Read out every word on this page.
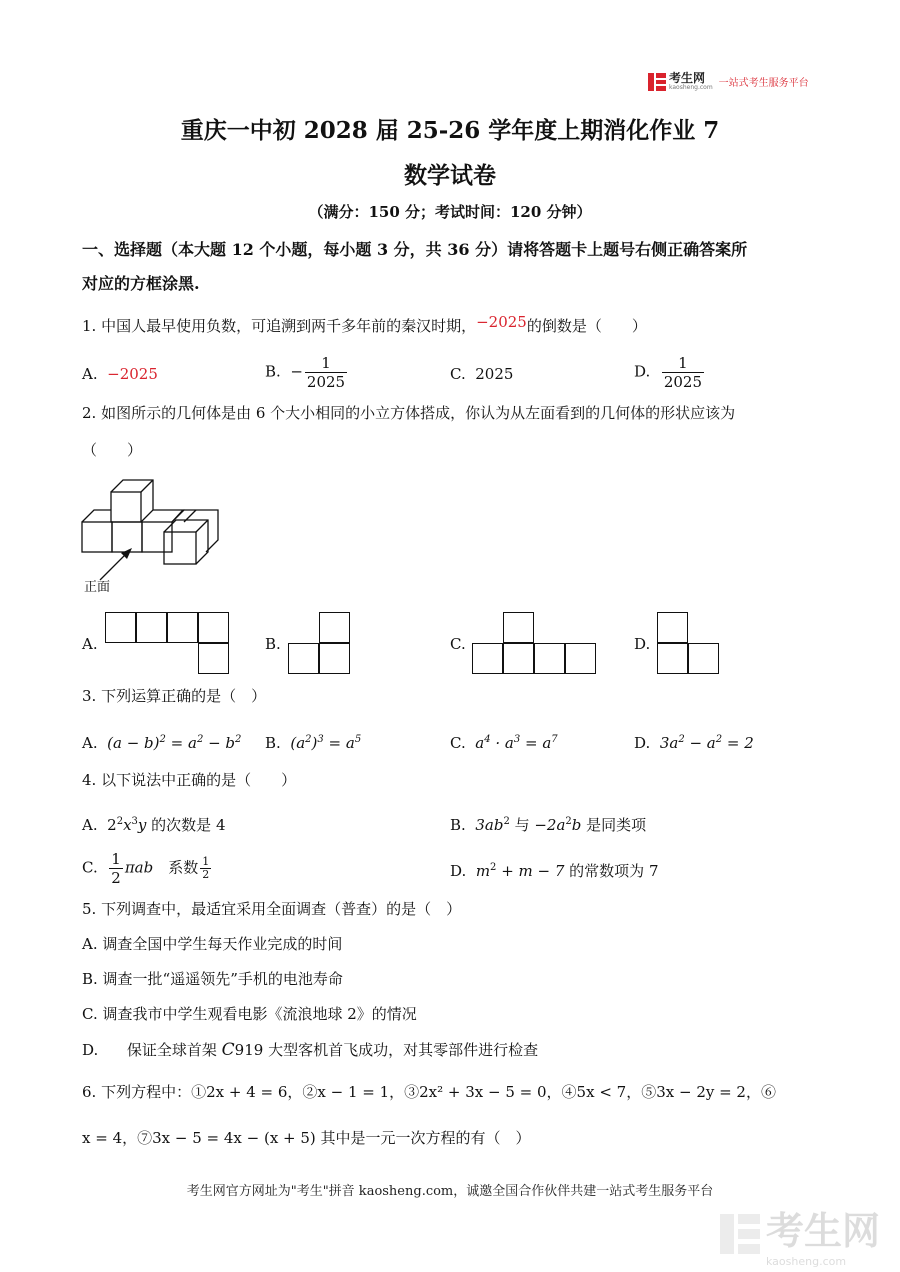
考生网
kaosheng.com 一站式考生服务平台
重庆一中初 2028 届 25-26 学年度上期消化作业 7
数学试卷
（满分：150 分；考试时间：120 分钟）
一、选择题（本大题 12 个小题，每小题 3 分，共 36 分）请将答题卡上题号右侧正确答案所
对应的方框涂黑.
1. 中国人最早使用负数，可追溯到两千多年前的秦汉时期，−2025的倒数是（　　）
A. −2025	B. − $\frac{1}{2025}$	C. 2025	D. $\frac{1}{2025}$
2. 如图所示的几何体是由 6 个大小相同的小立方体搭成，你认为从左面看到的几何体的形状应该为
（　　）
正面
A.	B.	C.	D.
3. 下列运算正确的是（　）
A. $(a - b)^2 = a^2 - b^2$ B. $(a^2)^3 = a^5$	C. $a^4 \cdot a^3 = a^7$	D. $3a^2 - a^2 = 2$
4. 以下说法中正确的是（　　）
A. $2^2x^3y$ 的次数是 4	B. $3ab^2$ 与 $-2a^2b$ 是同类项
C. $\frac{1}{2}$ πab　系数 $\frac{1}{2}$	D. $m^2 + m - 7$ 的常数项为 7
5. 下列调查中，最适宜采用全面调查（普查）的是（　）
A. 调查全国中学生每天作业完成的时间
B. 调查一批“遥遥领先”手机的电池寿命
C. 调查我市中学生观看电影《流浪地球 2》的情况
D. 保证全球首架 C919 大型客机首飞成功，对其零部件进行检查
6. 下列方程中：①2x + 4 = 6，②x − 1 = 1，③2x² + 3x − 5 = 0，④5x < 7，⑤3x − 2y = 2，⑥
x = 4，⑦3x − 5 = 4x − (x + 5) 其中是一元一次方程的有（　）
考生网官方网址为"考生"拼音 kaosheng.com，诚邀全国合作伙伴共建一站式考生服务平台
考生网
kaosheng.com
